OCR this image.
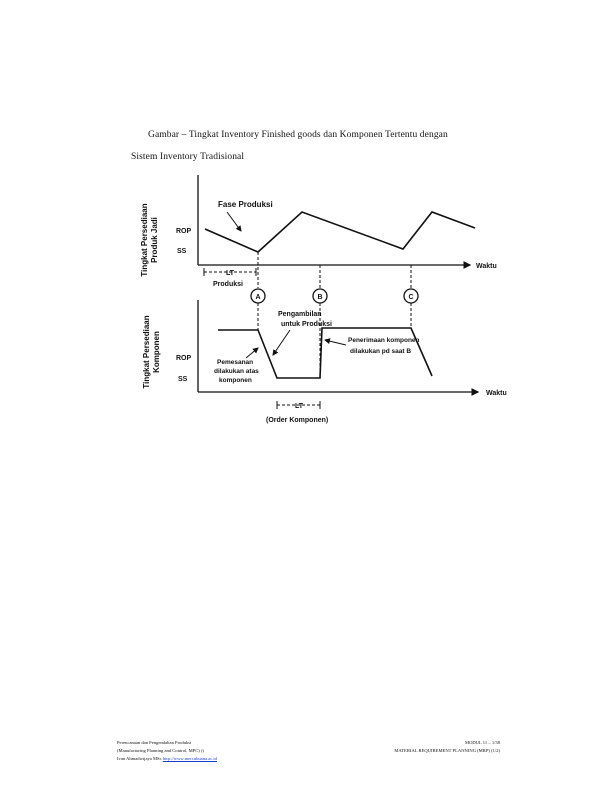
Gambar – Tingkat Inventory Finished goods dan Komponen Tertentu dengan
Sistem Inventory Tradisional
Tingkat Persediaan Produk Jadi ROP
SS
Waktu
Fase Produksi
LT
Produksi
A	B	C
Tingkat Persediaan Komponen ROP
SS
Waktu
Pengambilan
untuk Produksi
Pemesanan
dilakukan atas
komponen
Penerimaan komponen
dilakukan pd saat B
LT
(Order Komponen)
Perencanaan dan Pengendalian Produksi
(Manufacturing Planning and Control, MPC) ()
Ivan Ahmadwijaya MSc http://www.mercubuana.ac.id
MODUL 11 – 1/38
MATERIAL REQUIREMENT PLANNING (MRP) (1/2)
